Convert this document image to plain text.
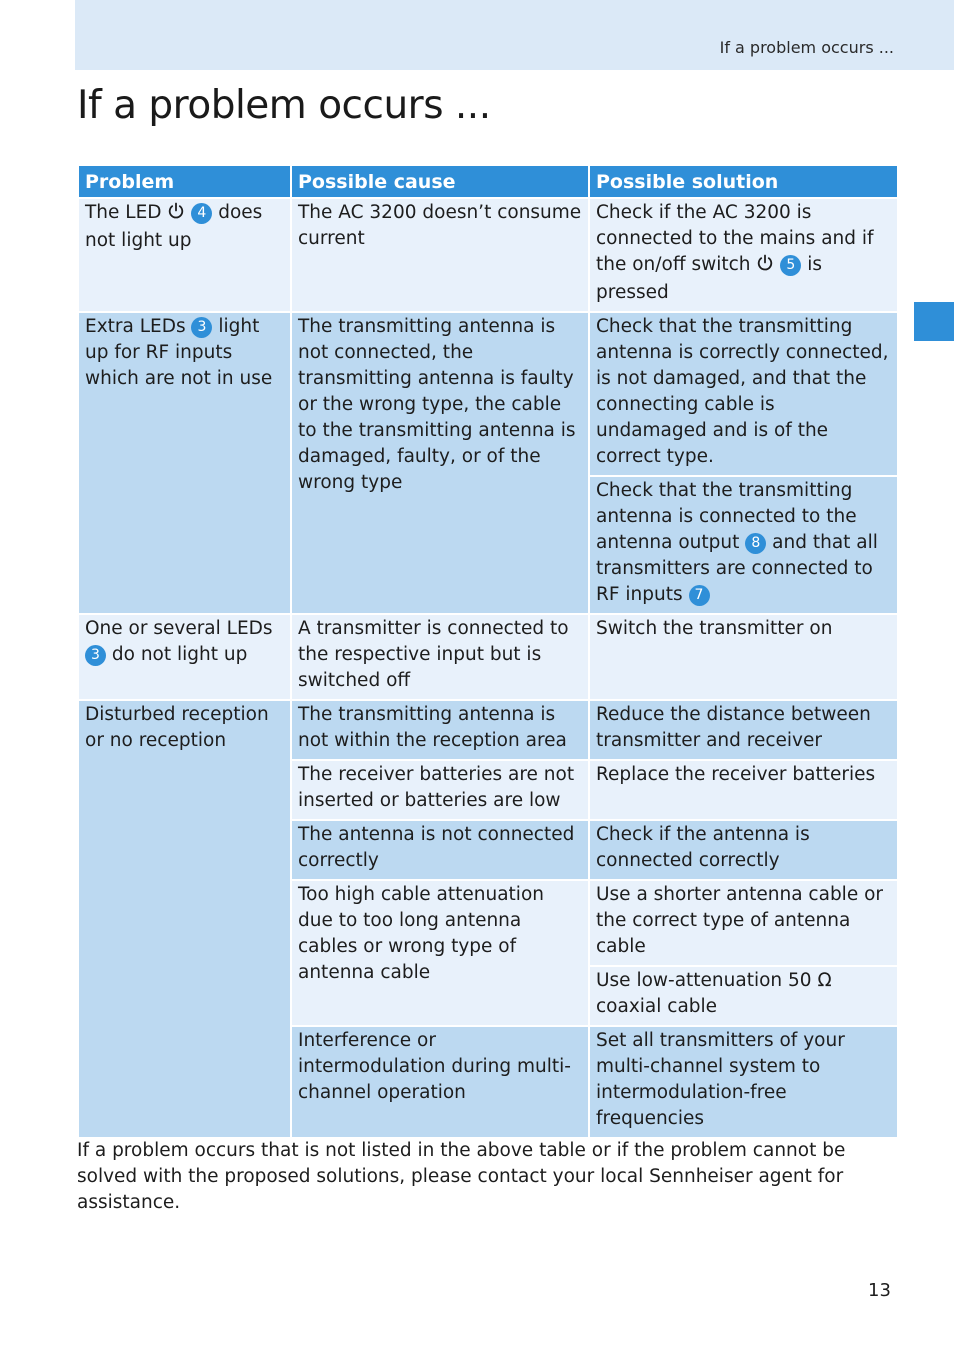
If a problem occurs ...

If a problem occurs ...
Problem	Possible cause	Possible solution
The LED 4 does not light up	The AC 3200 doesn’t consume current	Check if the AC 3200 is connected to the mains and if the on/off switch 5 is pressed
Extra LEDs 3 light up for RF inputs which are not in use	The transmitting antenna is not connected, the transmitting antenna is faulty or the wrong type, the cable to the transmitting antenna is damaged, faulty, or of the wrong type	Check that the transmitting antenna is correctly connected, is not damaged, and that the connecting cable is undamaged and is of the correct type.
		Check that the transmitting antenna is connected to the antenna output 8 and that all transmitters are connected to RF inputs 7
One or several LEDs 3 do not light up	A transmitter is connected to the respective input but is switched off	Switch the transmitter on
Disturbed reception or no reception	The transmitting antenna is not within the reception area	Reduce the distance between transmitter and receiver
	The receiver batteries are not inserted or batteries are low	Replace the receiver batteries
	The antenna is not connected correctly	Check if the antenna is connected correctly
	Too high cable attenuation due to too long antenna cables or wrong type of antenna cable	Use a shorter antenna cable or the correct type of antenna cable
		Use low-attenuation 50 Ω coaxial cable
	Interference or intermodulation during multi-channel operation	Set all transmitters of your multi-channel system to intermodulation-free frequencies

If a problem occurs that is not listed in the above table or if the problem cannot be solved with the proposed solutions, please contact your local Sennheiser agent for assistance.

13
